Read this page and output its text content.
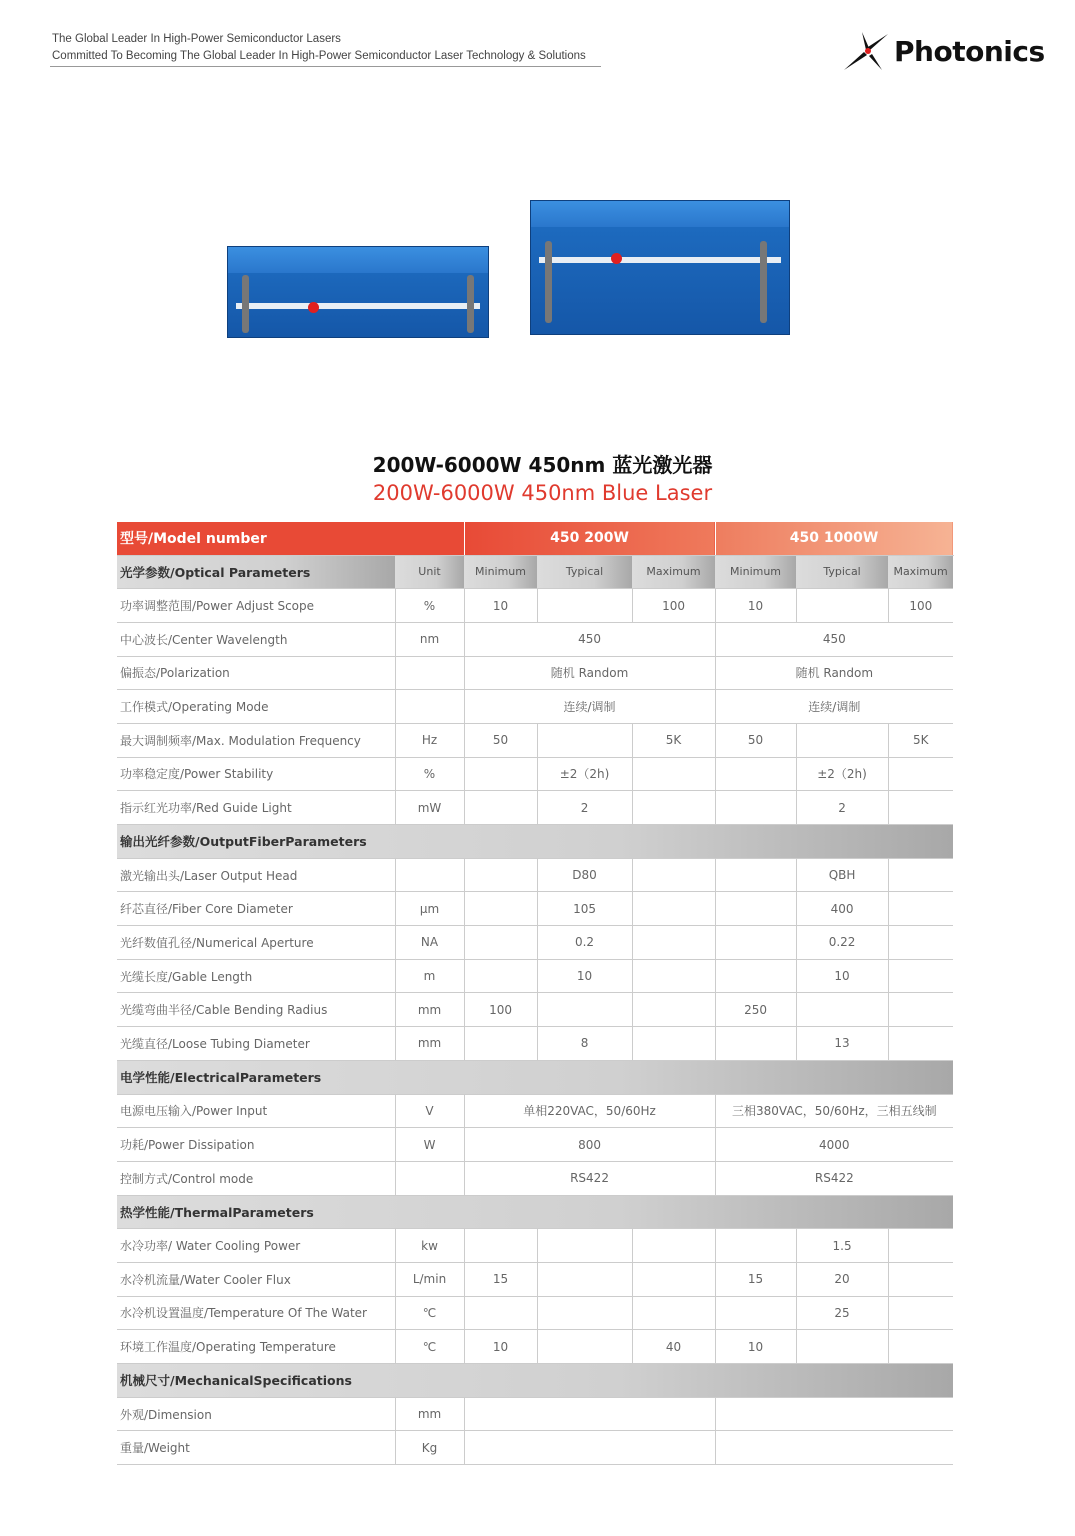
The Global Leader In High-Power Semiconductor Lasers
Committed To Becoming The Global Leader In High-Power Semiconductor Laser Technology & Solutions	Photonics
200W-6000W 450nm 蓝光激光器
200W-6000W 450nm Blue Laser
型号/Model number		450 200W			450 1000W		
光学参数/Optical Parameters	Unit	Minimum	Typical	Maximum	Minimum	Typical	Maximum
功率调整范围/Power Adjust Scope	%	10		100	10		100
中心波长/Center Wavelength	nm	450			450		
偏振态/Polarization		随机 Random			随机 Random		
工作模式/Operating Mode		连续/调制			连续/调制		
最大调制频率/Max. Modulation Frequency	Hz	50		5K	50		5K
功率稳定度/Power Stability	%		±2（2h)			±2（2h)	
指示红光功率/Red Guide Light	mW		2			2	
输出光纤参数/OutputFiberParameters							
激光输出头/Laser Output Head			D80			QBH	
纤芯直径/Fiber Core Diameter	μm		105			400	
光纤数值孔径/Numerical Aperture	NA		0.2			0.22	
光缆长度/Gable Length	m		10			10	
光缆弯曲半径/Cable Bending Radius	mm	100			250		
光缆直径/Loose Tubing Diameter	mm		8			13	
电学性能/ElectricalParameters							
电源电压输入/Power Input	V	单相220VAC，50/60Hz			三相380VAC，50/60Hz，三相五线制		
功耗/Power Dissipation	W	800			4000		
控制方式/Control mode		RS422			RS422		
热学性能/ThermalParameters							
水冷功率/ Water Cooling Power	kw					1.5	
水冷机流量/Water Cooler Flux	L/min	15			15	20	
水冷机设置温度/Temperature Of The Water	℃					25	
环境工作温度/Operating Temperature	℃	10		40	10		
机械尺寸/MechanicalSpecifications							
外观/Dimension	mm						
重量/Weight	Kg						
